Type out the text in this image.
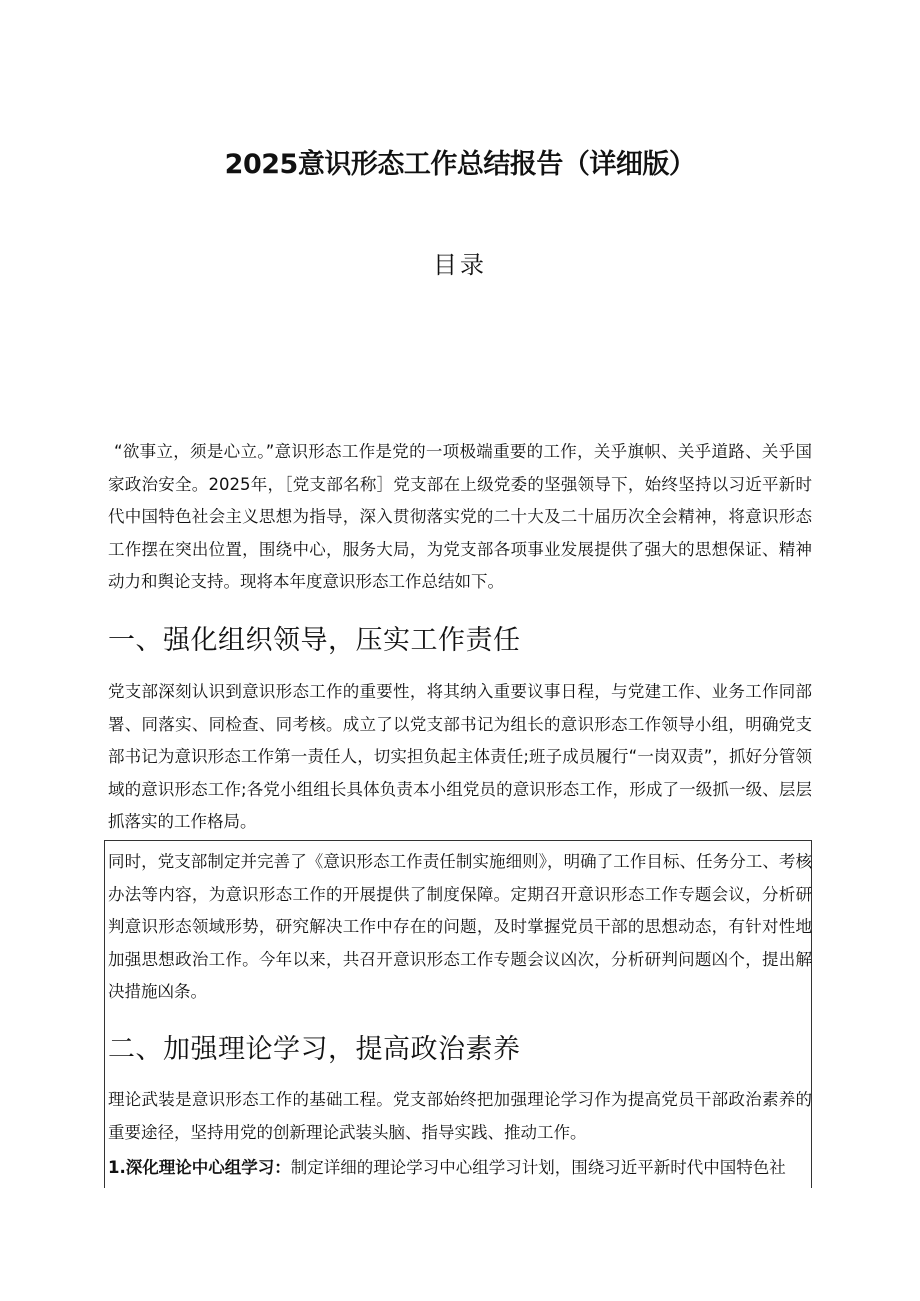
2025意识形态工作总结报告（详细版）
目录

“欲事立，须是心立。”意识形态工作是党的一项极端重要的工作，关乎旗帜、关乎道路、关乎国家政治安全。2025年，［党支部名称］党支部在上级党委的坚强领导下，始终坚持以习近平新时代中国特色社会主义思想为指导，深入贯彻落实党的二十大及二十届历次全会精神，将意识形态工作摆在突出位置，围绕中心，服务大局，为党支部各项事业发展提供了强大的思想保证、精神动力和舆论支持。现将本年度意识形态工作总结如下。

一、强化组织领导，压实工作责任

党支部深刻认识到意识形态工作的重要性，将其纳入重要议事日程，与党建工作、业务工作同部署、同落实、同检查、同考核。成立了以党支部书记为组长的意识形态工作领导小组，明确党支部书记为意识形态工作第一责任人，切实担负起主体责任;班子成员履行“一岗双责”，抓好分管领域的意识形态工作;各党小组组长具体负责本小组党员的意识形态工作，形成了一级抓一级、层层抓落实的工作格局。

同时，党支部制定并完善了《意识形态工作责任制实施细则》，明确了工作目标、任务分工、考核办法等内容，为意识形态工作的开展提供了制度保障。定期召开意识形态工作专题会议，分析研判意识形态领域形势，研究解决工作中存在的问题，及时掌握党员干部的思想动态，有针对性地加强思想政治工作。今年以来，共召开意识形态工作专题会议凶次，分析研判问题凶个，提出解决措施凶条。

二、加强理论学习，提高政治素养

理论武装是意识形态工作的基础工程。党支部始终把加强理论学习作为提高党员干部政治素养的重要途径，坚持用党的创新理论武装头脑、指导实践、推动工作。

1.深化理论中心组学习：制定详细的理论学习中心组学习计划，围绕习近平新时代中国特色社
